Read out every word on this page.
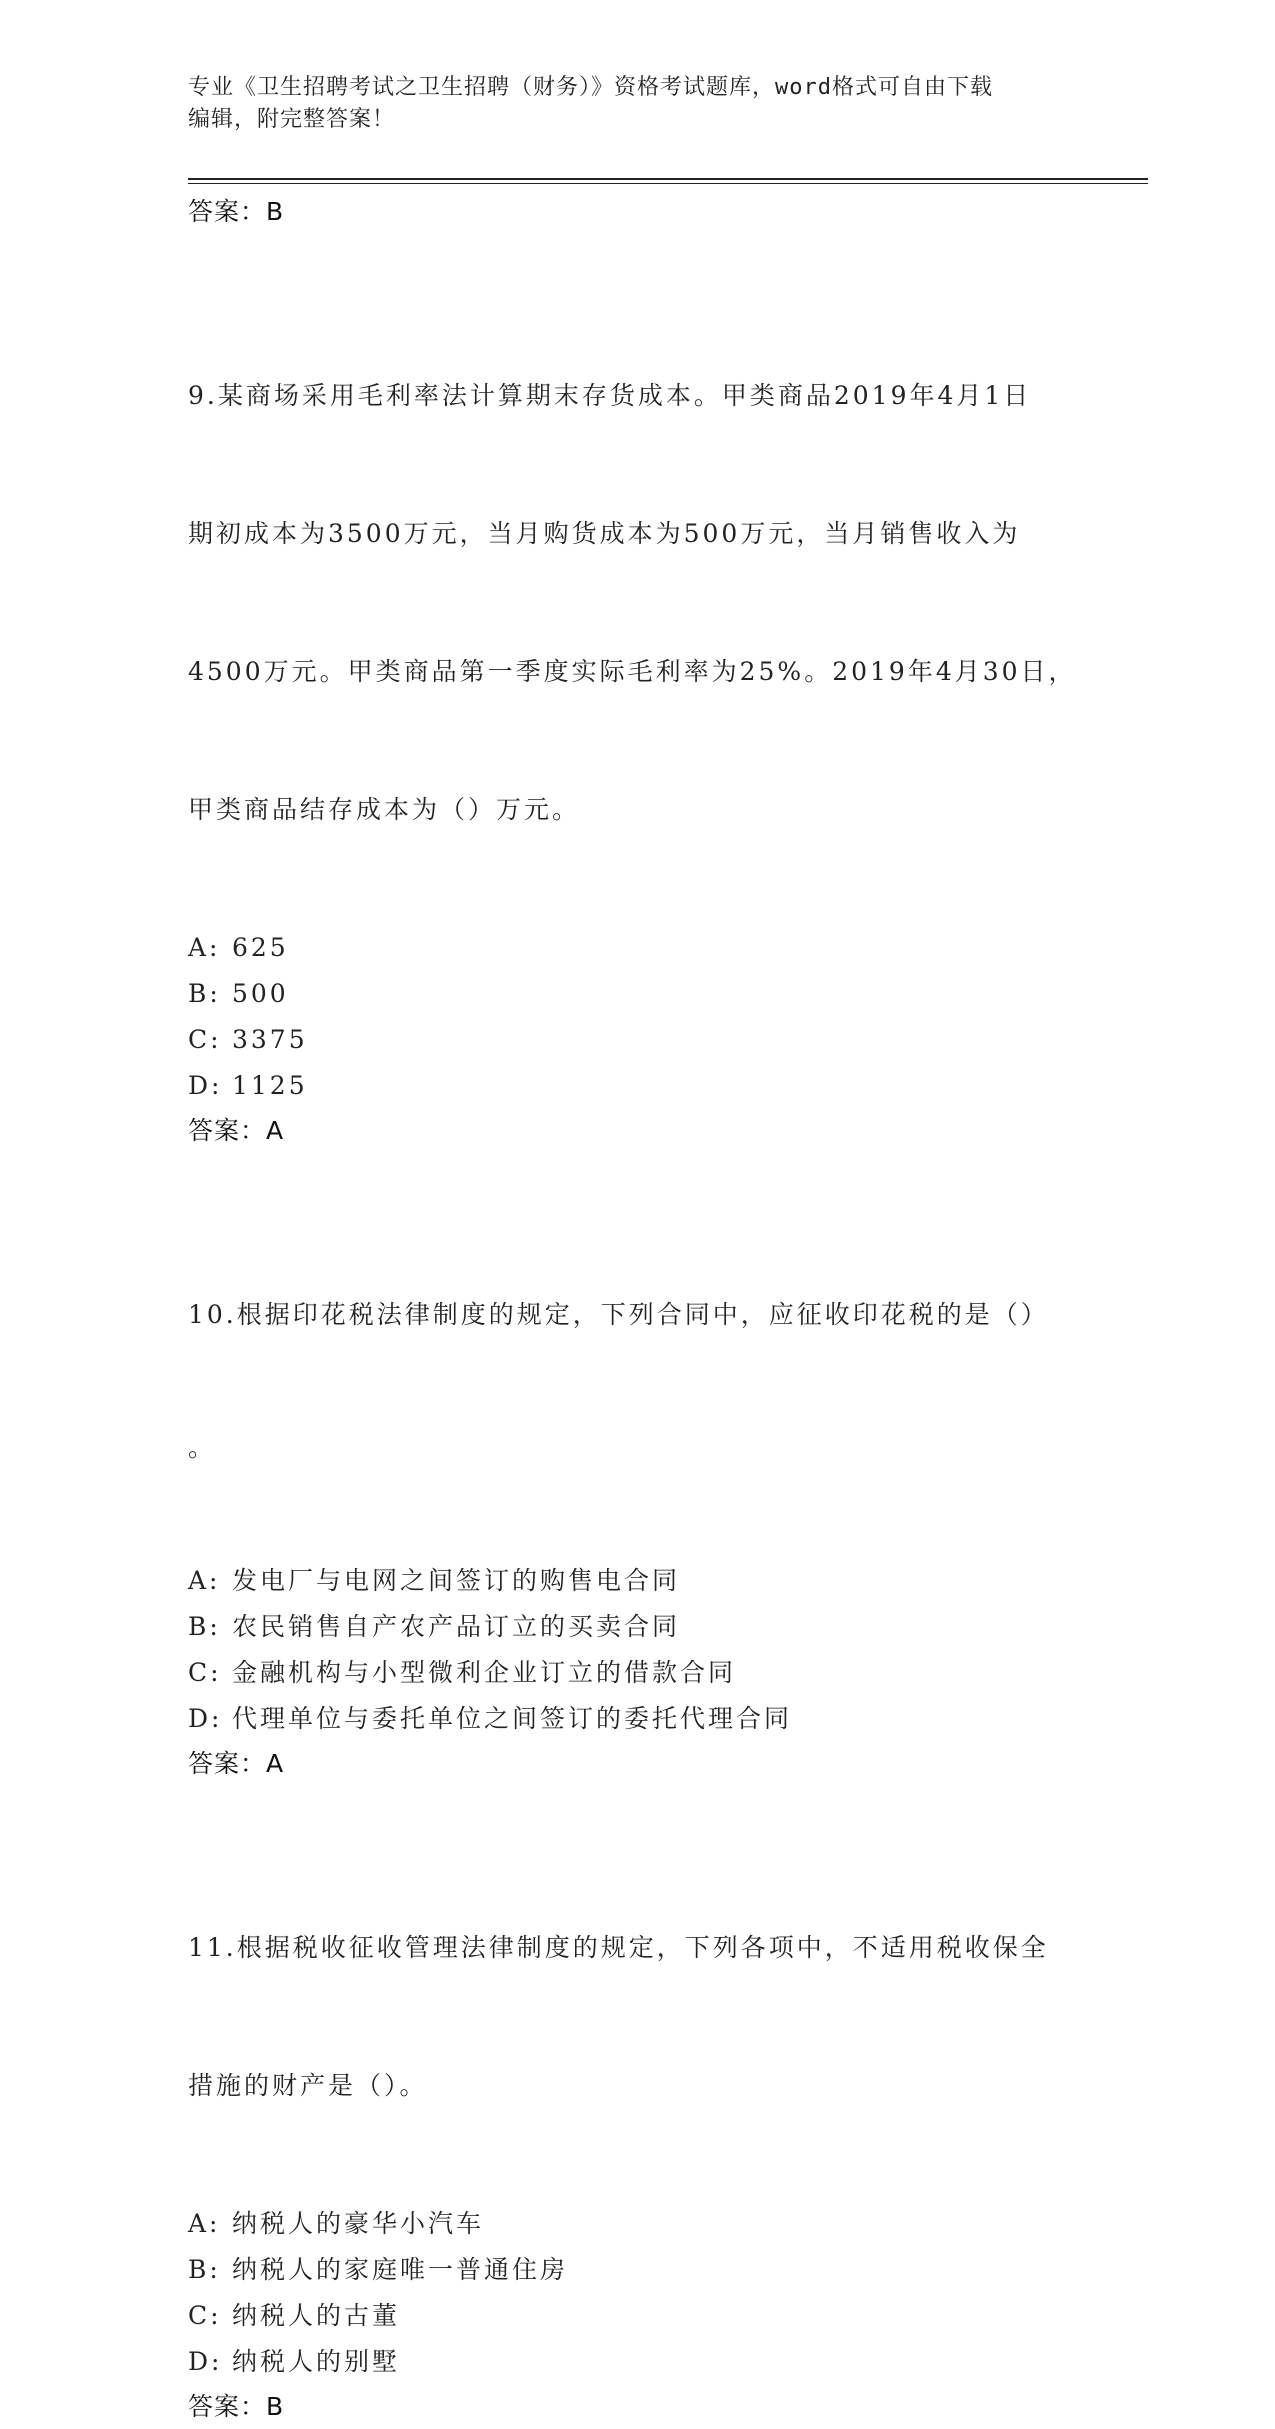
专业《卫生招聘考试之卫生招聘（财务）》资格考试题库，word格式可自由下载
编辑，附完整答案！
答案：B

9.某商场采用毛利率法计算期末存货成本。甲类商品2019年4月1日

期初成本为3500万元，当月购货成本为500万元，当月销售收入为

4500万元。甲类商品第一季度实际毛利率为25%。2019年4月30日，

甲类商品结存成本为（）万元。

A: 625
B: 500
C: 3375
D: 1125
答案：A

10.根据印花税法律制度的规定，下列合同中，应征收印花税的是（）

。

A: 发电厂与电网之间签订的购售电合同
B: 农民销售自产农产品订立的买卖合同
C: 金融机构与小型微利企业订立的借款合同
D: 代理单位与委托单位之间签订的委托代理合同
答案：A

11.根据税收征收管理法律制度的规定，下列各项中，不适用税收保全

措施的财产是（）。

A: 纳税人的豪华小汽车
B: 纳税人的家庭唯一普通住房
C: 纳税人的古董
D: 纳税人的别墅
答案：B
